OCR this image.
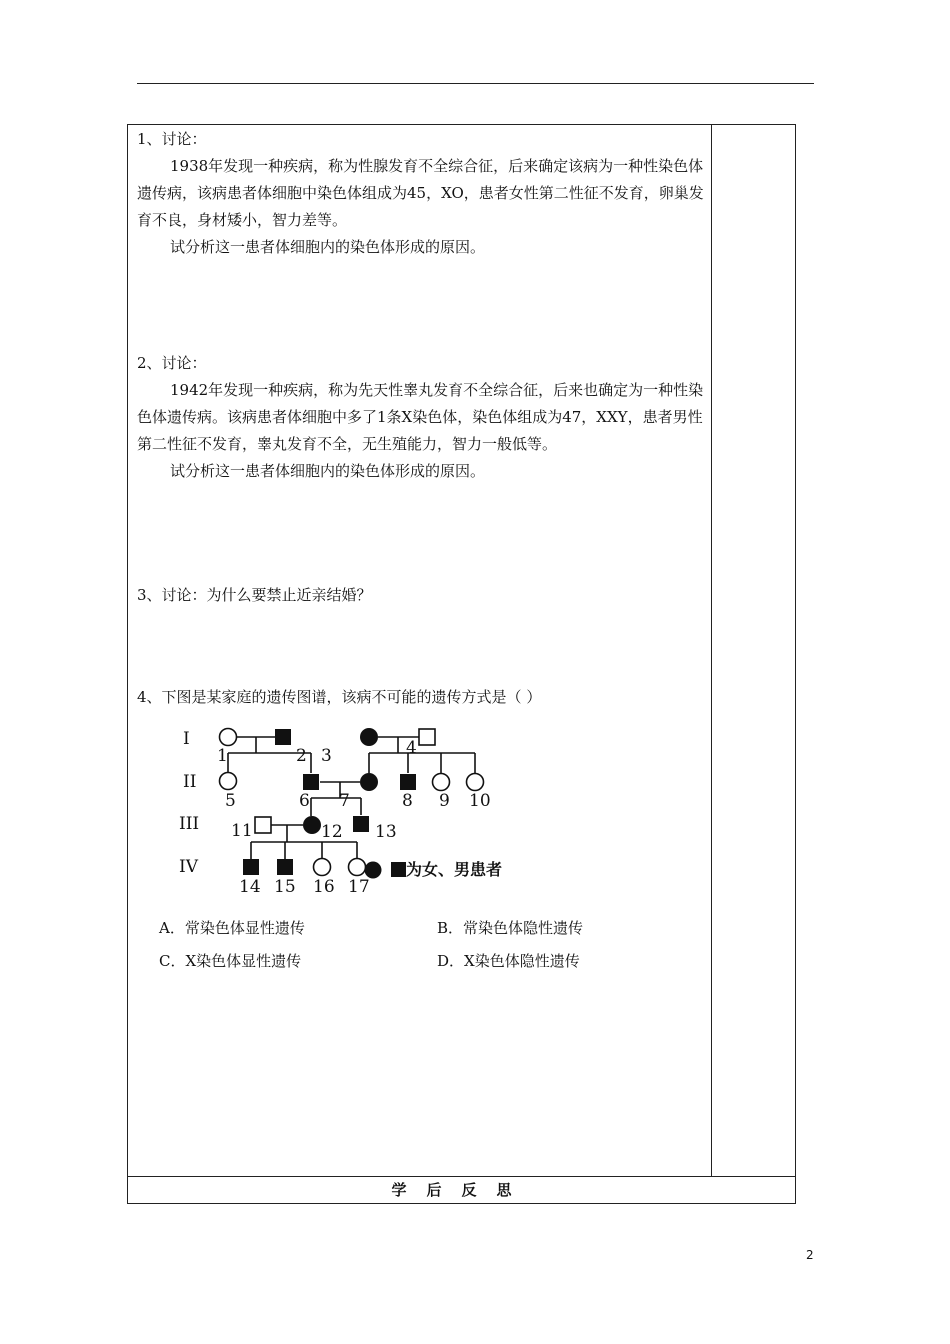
1、讨论：

1938年发现一种疾病，称为性腺发育不全综合征，后来确定该病为一种性染色体遗传病，该病患者体细胞中染色体组成为45，XO，患者女性第二性征不发育，卵巢发育不良，身材矮小，智力差等。

试分析这一患者体细胞内的染色体形成的原因。

2、讨论：

1942年发现一种疾病，称为先天性睾丸发育不全综合征，后来也确定为一种性染色体遗传病。该病患者体细胞中多了1条X染色体，染色体组成为47，XXY，患者男性第二性征不发育，睾丸发育不全，无生殖能力，智力一般低等。

试分析这一患者体细胞内的染色体形成的原因。

3、讨论：为什么要禁止近亲结婚？

4、下图是某家庭的遗传图谱，该病不可能的遗传方式是（ ）

I
II
III
IV
1	2 3	4
5	6 7	8 9 10
11	12 13
14 15 16 17
为女、男患者
A．常染色体显性遗传	B．常染色体隐性遗传
C．X染色体显性遗传	D．X染色体隐性遗传
学后反思
2
